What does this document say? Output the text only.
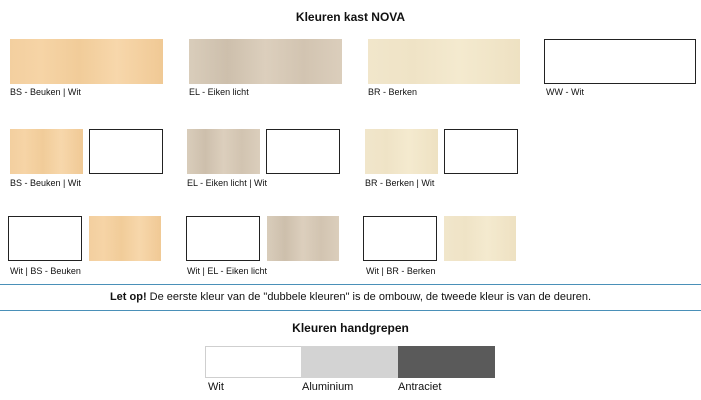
Kleuren kast NOVA
BS - Beuken | Wit	EL - Eiken licht	BR - Berken	WW - Wit
BS - Beuken | Wit	EL - Eiken licht | Wit	BR - Berken | Wit
Wit | BS - Beuken	Wit | EL - Eiken licht	Wit | BR - Berken
Let op! De eerste kleur van de "dubbele kleuren" is de ombouw, de tweede kleur is van de deuren.
Kleuren handgrepen
Wit	Aluminium	Antraciet
